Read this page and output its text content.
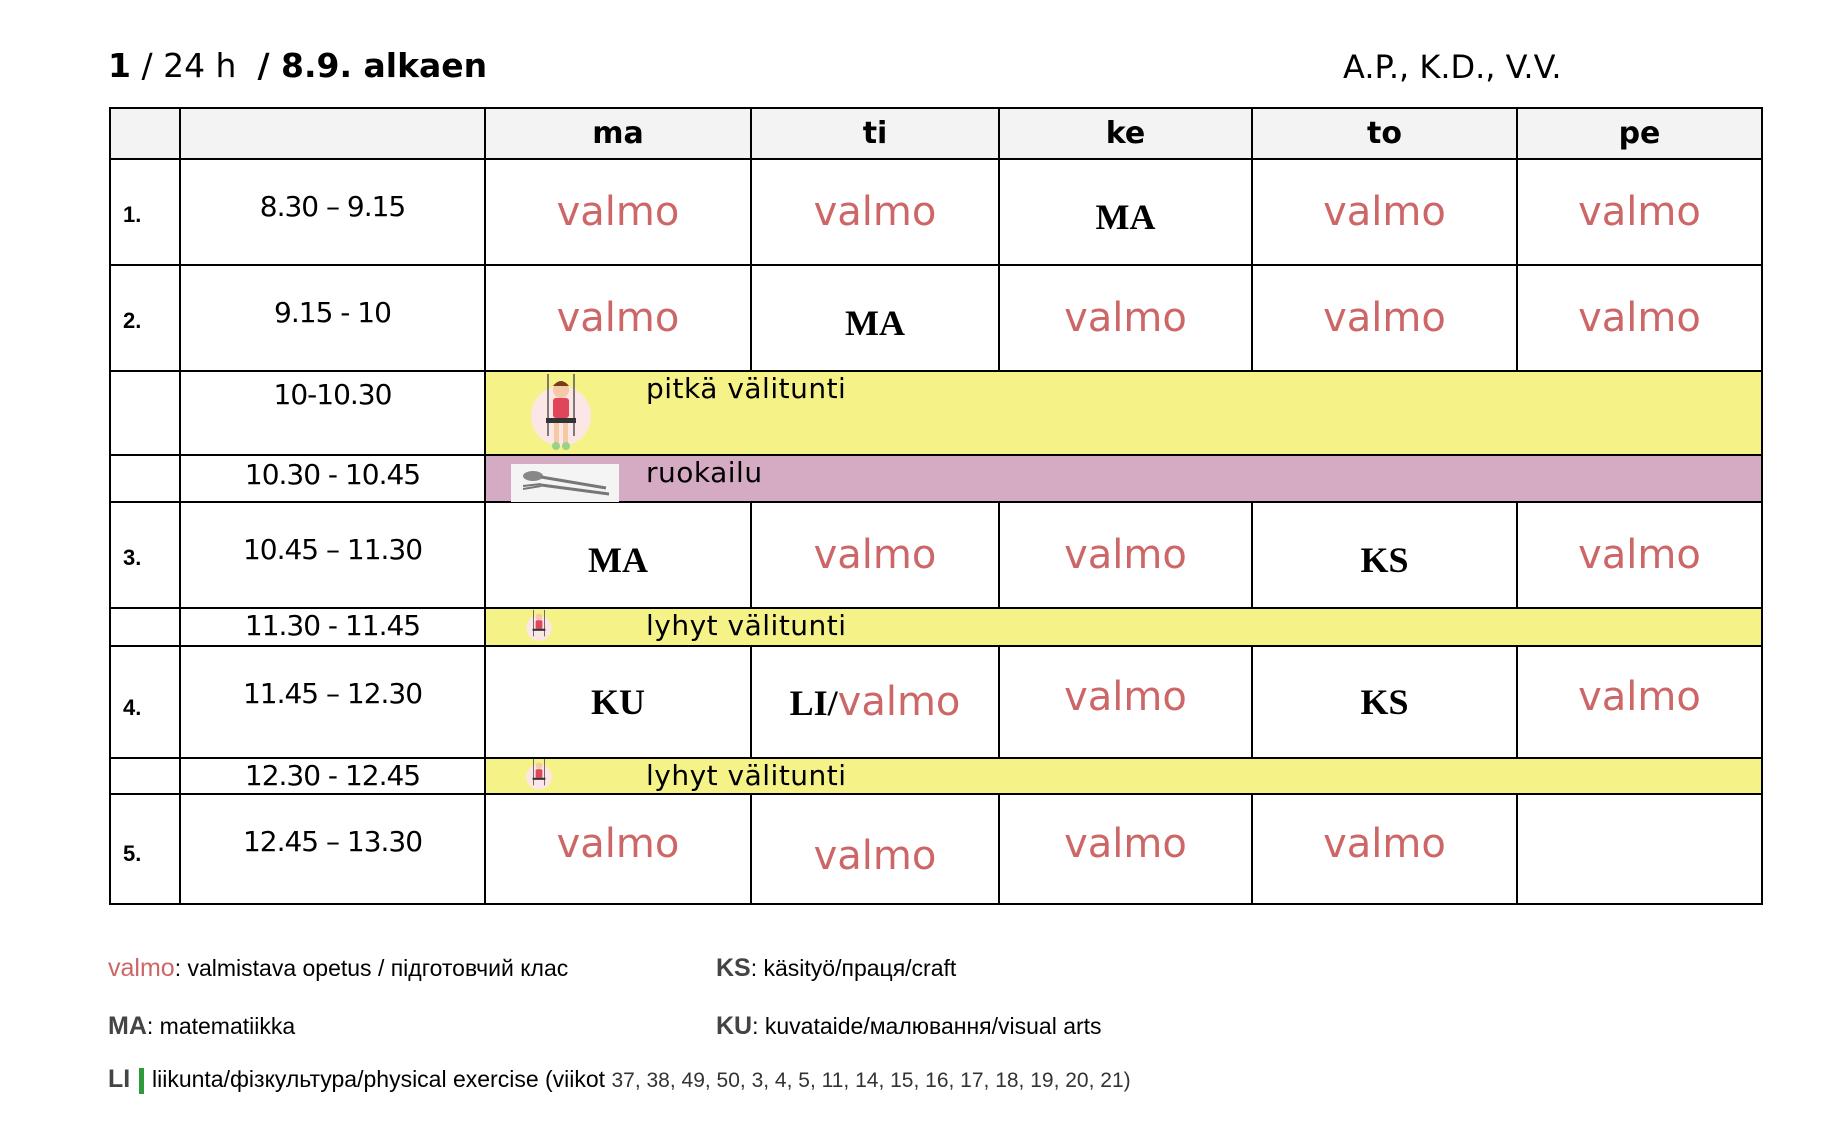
1 / 24 h / 8.9. alkaen	A.P., K.D., V.V.
		ma	ti	ke	to	pe
1.	8.30 – 9.15	valmo	valmo	MA	valmo	valmo
2.	9.15 - 10	valmo	MA	valmo	valmo	valmo
	10-10.30	pitkä välitunti				

	10.30 - 10.45	ruokailu				

3.	10.45 – 11.30	MA	valmo	valmo	KS	valmo
	11.30 - 11.45	lyhyt välitunti				

4.	11.45 – 12.30	KU	LI/valmo	valmo	KS	valmo
	12.30 - 12.45	lyhyt välitunti				

5.	12.45 – 13.30	valmo	valmo	valmo	valmo	
valmo: valmistava opetus / підготовчий клас	KS: käsityö/праця/craft
MA: matematiikka	KU: kuvataide/малювання/visual arts
LI  liikunta/фізкультура/physical exercise (viikot 37, 38, 49, 50, 3, 4, 5, 11, 14, 15, 16, 17, 18, 19, 20, 21)
